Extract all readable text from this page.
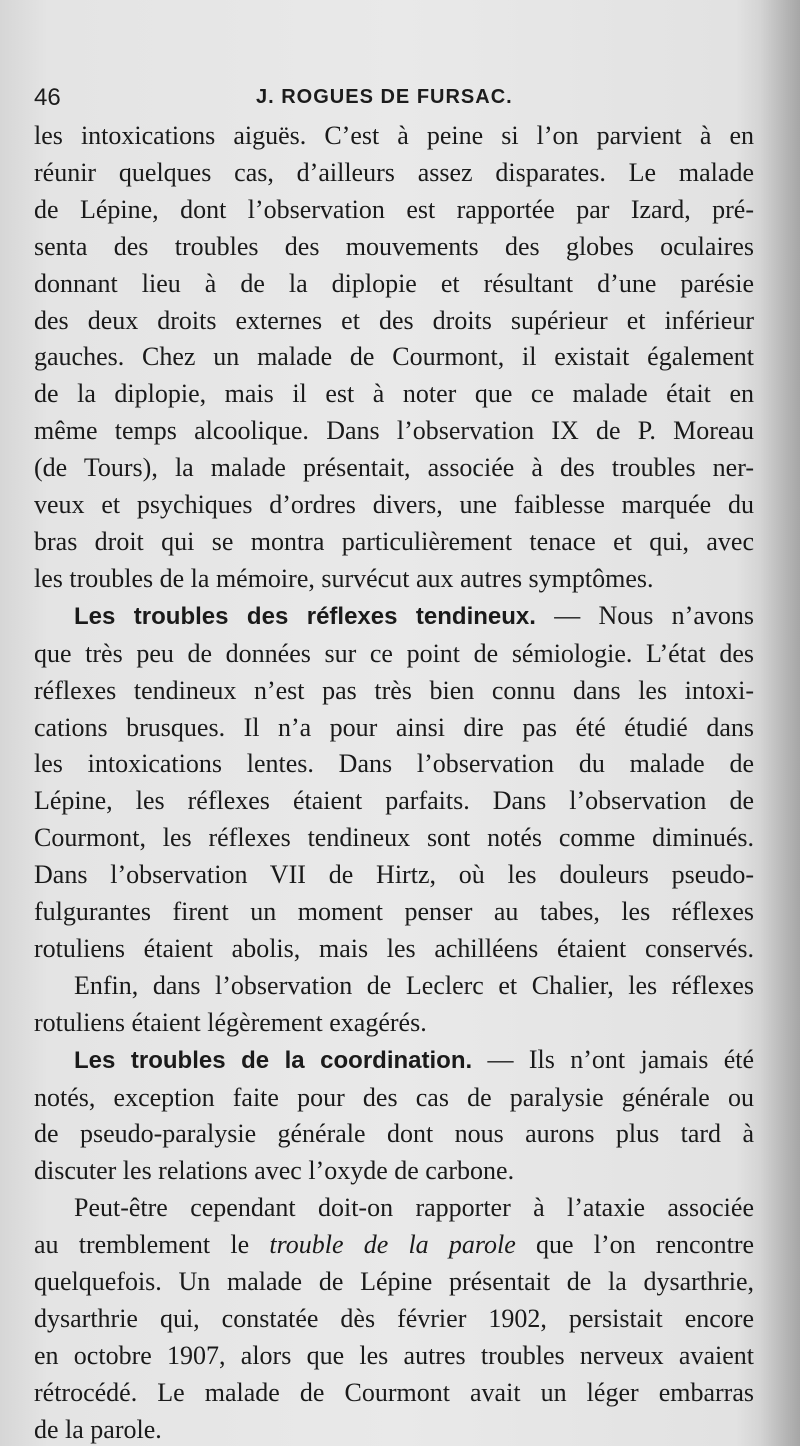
46	J. ROGUES DE FURSAC.
les intoxications aiguës. C’est à peine si l’on parvient à en
réunir quelques cas, d’ailleurs assez disparates. Le malade
de Lépine, dont l’observation est rapportée par Izard, pré-
senta des troubles des mouvements des globes oculaires
donnant lieu à de la diplopie et résultant d’une parésie
des deux droits externes et des droits supérieur et inférieur
gauches. Chez un malade de Courmont, il existait également
de la diplopie, mais il est à noter que ce malade était en
même temps alcoolique. Dans l’observation IX de P. Moreau
(de Tours), la malade présentait, associée à des troubles ner-
veux et psychiques d’ordres divers, une faiblesse marquée du
bras droit qui se montra particulièrement tenace et qui, avec
les troubles de la mémoire, survécut aux autres symptômes.
Les troubles des réflexes tendineux. — Nous n’avons
que très peu de données sur ce point de sémiologie. L’état des
réflexes tendineux n’est pas très bien connu dans les intoxi-
cations brusques. Il n’a pour ainsi dire pas été étudié dans
les intoxications lentes. Dans l’observation du malade de
Lépine, les réflexes étaient parfaits. Dans l’observation de
Courmont, les réflexes tendineux sont notés comme diminués.
Dans l’observation VII de Hirtz, où les douleurs pseudo-
fulgurantes firent un moment penser au tabes, les réflexes
rotuliens étaient abolis, mais les achilléens étaient conservés.
Enfin, dans l’observation de Leclerc et Chalier, les réflexes
rotuliens étaient légèrement exagérés.
Les troubles de la coordination. — Ils n’ont jamais été
notés, exception faite pour des cas de paralysie générale ou
de pseudo-paralysie générale dont nous aurons plus tard à
discuter les relations avec l’oxyde de carbone.
Peut-être cependant doit-on rapporter à l’ataxie associée
au tremblement le trouble de la parole que l’on rencontre
quelquefois. Un malade de Lépine présentait de la dysarthrie,
dysarthrie qui, constatée dès février 1902, persistait encore
en octobre 1907, alors que les autres troubles nerveux avaient
rétrocédé. Le malade de Courmont avait un léger embarras
de la parole.
